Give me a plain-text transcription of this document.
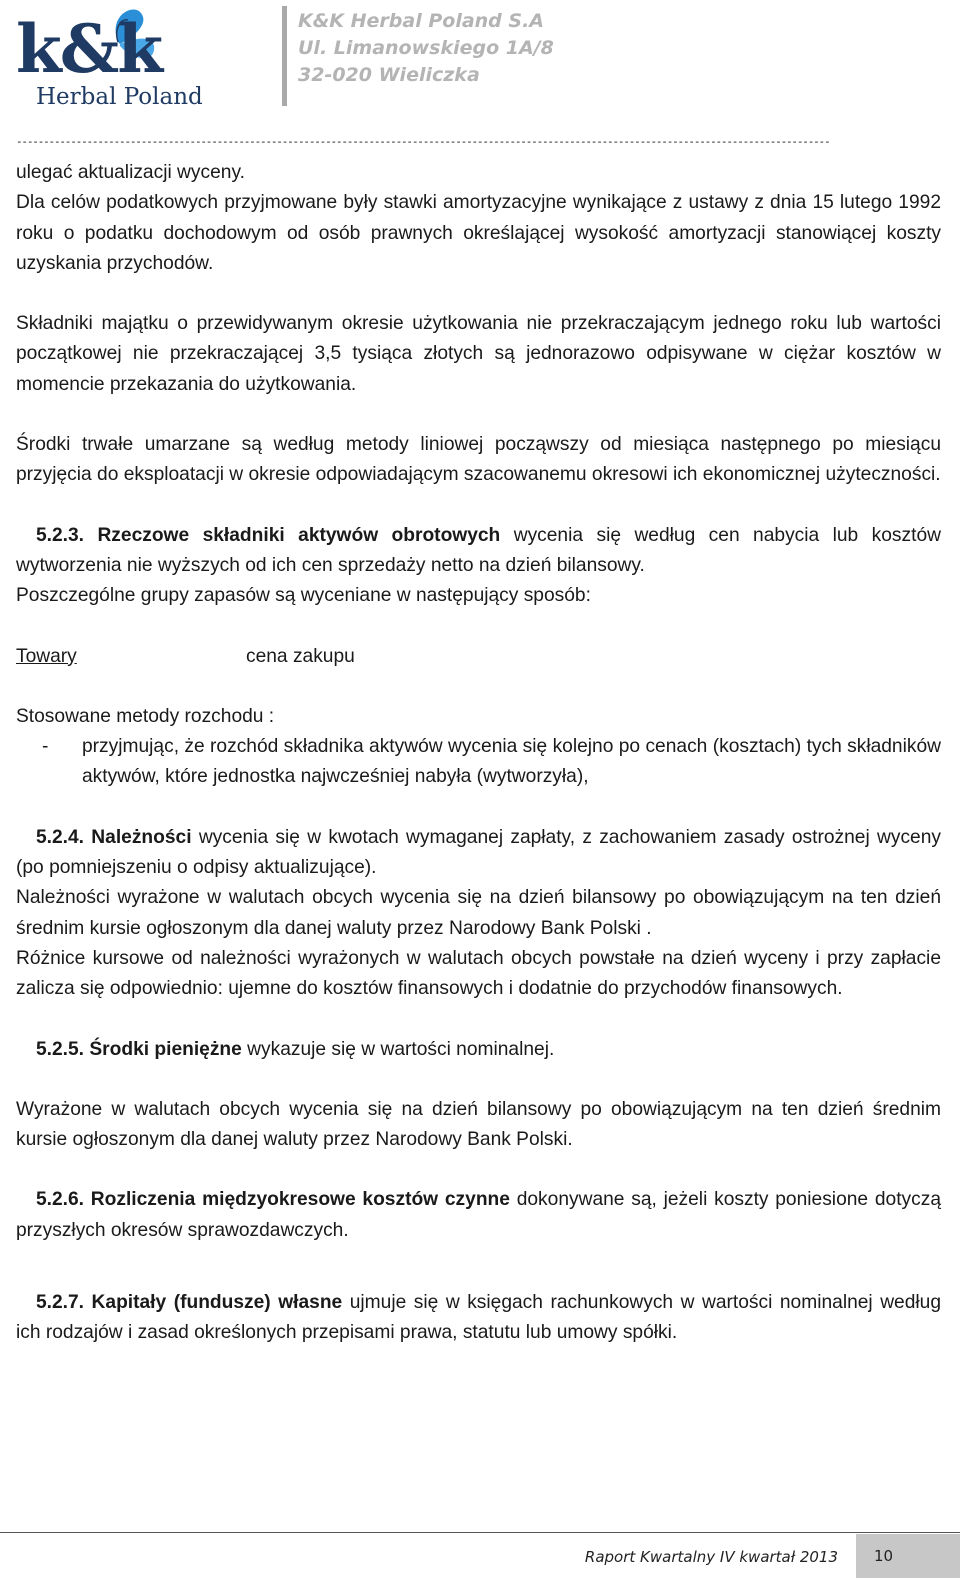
k&k
Herbal Poland
K&K Herbal Poland S.A
Ul. Limanowskiego 1A/8
32-020 Wieliczka
------------------------------------------------------------------------------------------------------------------------------------------------------

ulegać aktualizacji wyceny.

Dla celów podatkowych przyjmowane były stawki amortyzacyjne wynikające z ustawy z dnia 15 lutego 1992 roku o podatku dochodowym od osób prawnych określającej wysokość amortyzacji stanowiącej koszty uzyskania przychodów.

Składniki majątku o przewidywanym okresie użytkowania nie przekraczającym jednego roku lub wartości początkowej nie przekraczającej 3,5 tysiąca złotych są jednorazowo odpisywane w ciężar kosztów w momencie przekazania do użytkowania.

Środki trwałe umarzane są według metody liniowej począwszy od miesiąca następnego po miesiącu przyjęcia do eksploatacji w okresie odpowiadającym szacowanemu okresowi ich ekonomicznej użyteczności.

5.2.3. Rzeczowe składniki aktywów obrotowych wycenia się według cen nabycia lub kosztów wytworzenia nie wyższych od ich cen sprzedaży netto na dzień bilansowy.

Poszczególne grupy zapasów są wyceniane w następujący sposób:

Towary	cena zakupu

Stosowane metody rozchodu :

-	przyjmując, że rozchód składnika aktywów wycenia się kolejno po cenach (kosztach) tych składników aktywów, które jednostka najwcześniej nabyła (wytworzyła),

5.2.4. Należności wycenia się w kwotach wymaganej zapłaty, z zachowaniem zasady ostrożnej wyceny (po pomniejszeniu o odpisy aktualizujące).

Należności wyrażone w walutach obcych wycenia się na dzień bilansowy po obowiązującym na ten dzień średnim kursie ogłoszonym dla danej waluty przez Narodowy Bank Polski .

Różnice kursowe od należności wyrażonych w walutach obcych powstałe na dzień wyceny i przy zapłacie zalicza się odpowiednio: ujemne do kosztów finansowych i dodatnie do przychodów finansowych.

5.2.5. Środki pieniężne wykazuje się w wartości nominalnej.

Wyrażone w walutach obcych wycenia się na dzień bilansowy po obowiązującym na ten dzień średnim kursie ogłoszonym dla danej waluty przez Narodowy Bank Polski.

5.2.6. Rozliczenia międzyokresowe kosztów czynne dokonywane są, jeżeli koszty poniesione dotyczą przyszłych okresów sprawozdawczych.

5.2.7. Kapitały (fundusze) własne ujmuje się w księgach rachunkowych w wartości nominalnej według ich rodzajów i zasad określonych przepisami prawa, statutu lub umowy spółki.

Raport Kwartalny IV kwartał 2013	10
